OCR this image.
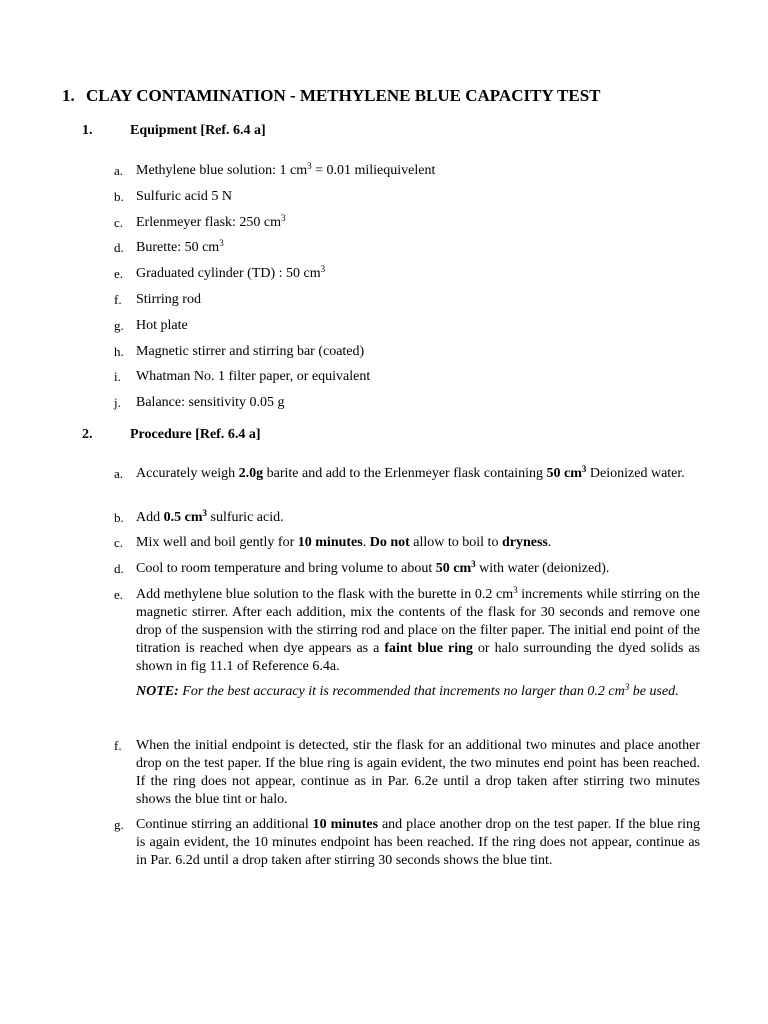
1. CLAY CONTAMINATION - METHYLENE BLUE CAPACITY TEST
1.	Equipment [Ref. 6.4 a]
a. Methylene blue solution: 1 $cm^3 = 0.01$ miliequivelent
b. Sulfuric acid 5 N
c. Erlenmeyer flask: 250 $cm^3$
d. Burette: 50 $cm^3$
e. Graduated cylinder (TD) : 50 $cm^3$
f.	Stirring rod
g. Hot plate
h. Magnetic stirrer and stirring bar (coated)
i.	Whatman No. 1 filter paper, or equivalent
j.	Balance: sensitivity 0.05 g
2.	Procedure [Ref. 6.4 a]
a. Accurately weigh 2.0g barite and add to the Erlenmeyer flask containing 50 $cm^3$ Deionized water.
b. Add 0.5 $cm^3$ sulfuric acid.
c. Mix well and boil gently for 10 minutes. Do not allow to boil to dryness.
d. Cool to room temperature and bring volume to about 50 $cm^3$ with water (deionized).
e. Add methylene blue solution to the flask with the burette in 0.2 $cm^3$ increments while stirring on the magnetic stirrer. After each addition, mix the contents of the flask for 30 seconds and remove one drop of the suspension with the stirring rod and place on the filter paper. The initial end point of the titration is reached when dye appears as a faint blue ring or halo surrounding the dyed solids as shown in fig 11.1 of Reference 6.4a.
NOTE: For the best accuracy it is recommended that increments no larger than 0.2 $cm^3$ be used.
f.	When the initial endpoint is detected, stir the flask for an additional two minutes and place another drop on the test paper. If the blue ring is again evident, the two minutes end point has been reached. If the ring does not appear, continue as in Par. 6.2e until a drop taken after stirring two minutes shows the blue tint or halo.
g. Continue stirring an additional 10 minutes and place another drop on the test paper. If the blue ring is again evident, the 10 minutes endpoint has been reached. If the ring does not appear, continue as in Par. 6.2d until a drop taken after stirring 30 seconds shows the blue tint.
